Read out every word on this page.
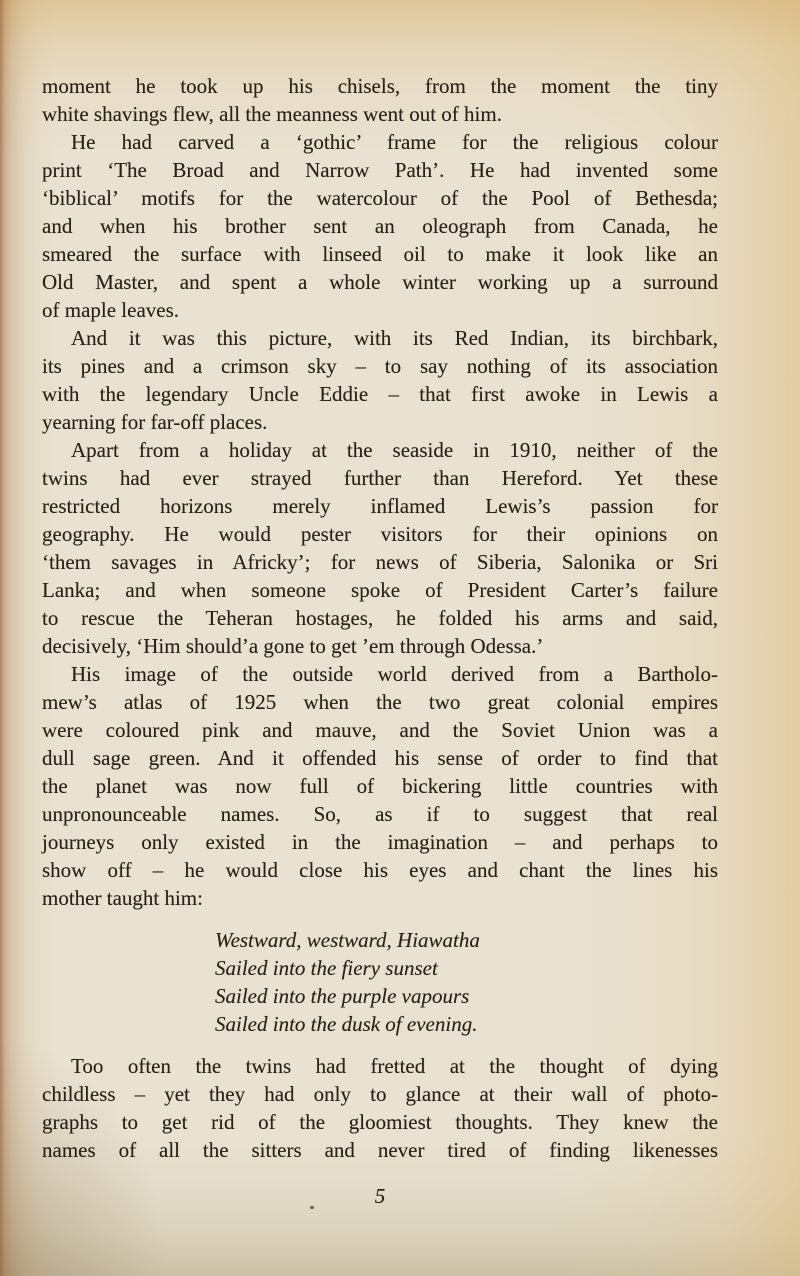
moment he took up his chisels, from the moment the tiny
white shavings flew, all the meanness went out of him.

He had carved a ‘gothic’ frame for the religious colour
print ‘The Broad and Narrow Path’. He had invented some
‘biblical’ motifs for the watercolour of the Pool of Bethesda;
and when his brother sent an oleograph from Canada, he
smeared the surface with linseed oil to make it look like an
Old Master, and spent a whole winter working up a surround
of maple leaves.

And it was this picture, with its Red Indian, its birchbark,
its pines and a crimson sky – to say nothing of its association
with the legendary Uncle Eddie – that first awoke in Lewis a
yearning for far-off places.

Apart from a holiday at the seaside in 1910, neither of the
twins had ever strayed further than Hereford. Yet these
restricted horizons merely inflamed Lewis’s passion for
geography. He would pester visitors for their opinions on
‘them savages in Africky’; for news of Siberia, Salonika or Sri
Lanka; and when someone spoke of President Carter’s failure
to rescue the Teheran hostages, he folded his arms and said,
decisively, ‘Him should’a gone to get ’em through Odessa.’

His image of the outside world derived from a Bartholo-
mew’s atlas of 1925 when the two great colonial empires
were coloured pink and mauve, and the Soviet Union was a
dull sage green. And it offended his sense of order to find that
the planet was now full of bickering little countries with
unpronounceable names. So, as if to suggest that real
journeys only existed in the imagination – and perhaps to
show off – he would close his eyes and chant the lines his
mother taught him:

Westward, westward, Hiawatha
Sailed into the fiery sunset
Sailed into the purple vapours
Sailed into the dusk of evening.

Too often the twins had fretted at the thought of dying
childless – yet they had only to glance at their wall of photo-
graphs to get rid of the gloomiest thoughts. They knew the
names of all the sitters and never tired of finding likenesses

5
